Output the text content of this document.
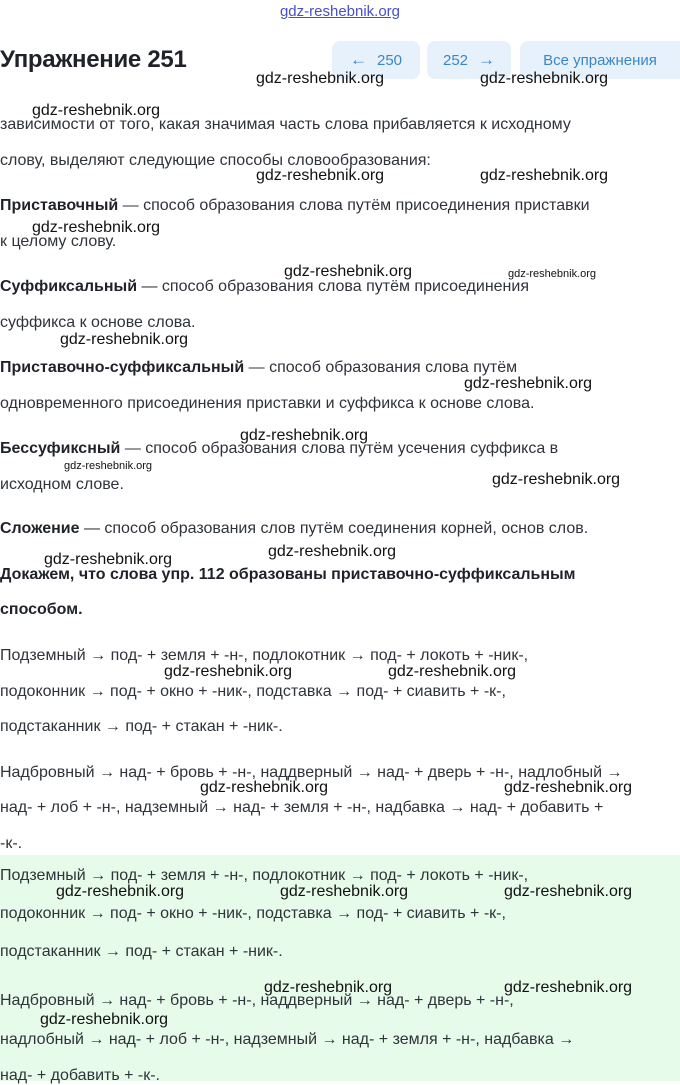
gdz-reshebnik.org
зависимости от того, какая значимая часть слова прибавляется к исходному
слову, выделяют следующие способы словообразования:
Приставочный — способ образования слова путём присоединения приставки
к целому слову.
Суффиксальный — способ образования слова путём присоединения
суффикса к основе слова.
Приставочно-суффиксальный — способ образования слова путём
одновременного присоединения приставки и суффикса к основе слова.
Бессуфиксный — способ образования слова путём усечения суффикса в
исходном слове.
Сложение — способ образования слов путём соединения корней, основ слов.
Докажем, что слова упр. 112 образованы приставочно-суффиксальным
способом.
Подземный → под- + земля + -н-, подлокотник → под- + локоть + -ник-,
подоконник → под- + окно + -ник-, подставка → под- + сиавить + -к-,
подстаканник → под- + стакан + -ник-.
Надбровный → над- + бровь + -н-, наддверный → над- + дверь + -н-, надлобный →
над- + лоб + -н-, надземный → над- + земля + -н-, надбавка → над- + добавить +
-к-.
Подземный → под- + земля + -н-, подлокотник → под- + локоть + -ник-,
подоконник → под- + окно + -ник-, подставка → под- + сиавить + -к-,
подстаканник → под- + стакан + -ник-.
Надбровный → над- + бровь + -н-, наддверный → над- + дверь + -н-,
надлобный → над- + лоб + -н-, надземный → над- + земля + -н-, надбавка →
над- + добавить + -к-.
Упражнение 251	← 250	252 →	Все упражнения
gdz-reshebnik.org	gdz-reshebnik.org
gdz-reshebnik.org
gdz-reshebnik.org	gdz-reshebnik.org
gdz-reshebnik.org
gdz-reshebnik.org	gdz-reshebnik.org
gdz-reshebnik.org
gdz-reshebnik.org
gdz-reshebnik.org
gdz-reshebnik.org
gdz-reshebnik.org
gdz-reshebnik.org
gdz-reshebnik.org
gdz-reshebnik.org	gdz-reshebnik.org
gdz-reshebnik.org	gdz-reshebnik.org
gdz-reshebnik.org	gdz-reshebnik.org	gdz-reshebnik.org
gdz-reshebnik.org	gdz-reshebnik.org
gdz-reshebnik.org
